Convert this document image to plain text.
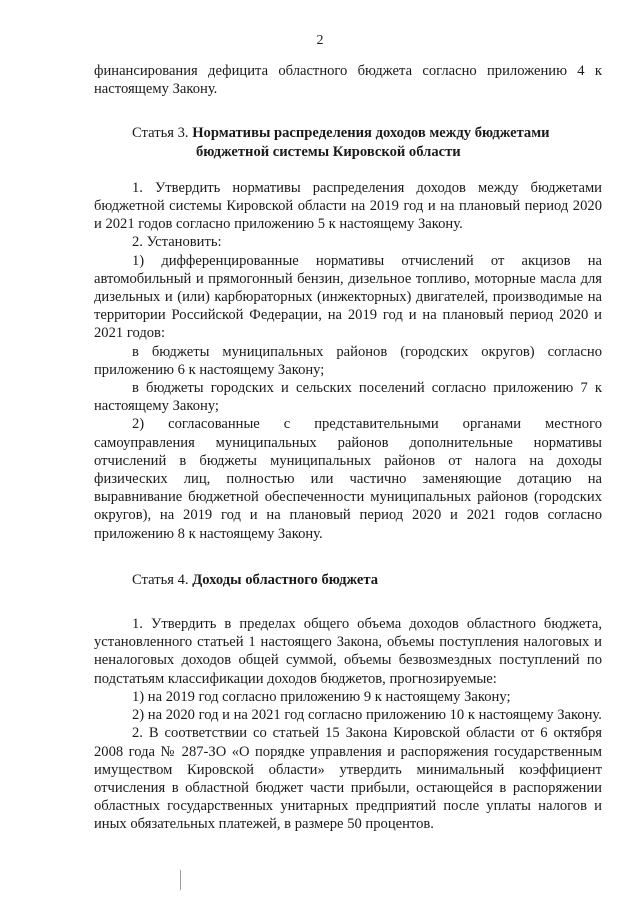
2

финансирования дефицита областного бюджета согласно приложению 4 к настоящему Закону.

Статья 3. Нормативы распределения доходов между бюджетами

бюджетной системы Кировской области

1. Утвердить нормативы распределения доходов между бюджетами бюджетной системы Кировской области на 2019 год и на плановый период 2020 и 2021 годов согласно приложению 5 к настоящему Закону.

2. Установить:

1) дифференцированные нормативы отчислений от акцизов на автомобильный и прямогонный бензин, дизельное топливо, моторные масла для дизельных и (или) карбюраторных (инжекторных) двигателей, производимые на территории Российской Федерации, на 2019 год и на плановый период 2020 и 2021 годов:

в бюджеты муниципальных районов (городских округов) согласно приложению 6 к настоящему Закону;

в бюджеты городских и сельских поселений согласно приложению 7 к настоящему Закону;

2) согласованные с представительными органами местного самоуправления муниципальных районов дополнительные нормативы отчислений в бюджеты муниципальных районов от налога на доходы физических лиц, полностью или частично заменяющие дотацию на выравнивание бюджетной обеспеченности муниципальных районов (городских округов), на 2019 год и на плановый период 2020 и 2021 годов согласно приложению 8 к настоящему Закону.

Статья 4. Доходы областного бюджета

1. Утвердить в пределах общего объема доходов областного бюджета, установленного статьей 1 настоящего Закона, объемы поступления налоговых и неналоговых доходов общей суммой, объемы безвозмездных поступлений по подстатьям классификации доходов бюджетов, прогнозируемые:

1) на 2019 год согласно приложению 9 к настоящему Закону;

2) на 2020 год и на 2021 год согласно приложению 10 к настоящему Закону.

2. В соответствии со статьей 15 Закона Кировской области от 6 октября 2008 года № 287-ЗО «О порядке управления и распоряжения государственным имуществом Кировской области» утвердить минимальный коэффициент отчисления в областной бюджет части прибыли, остающейся в распоряжении областных государственных унитарных предприятий после уплаты налогов и иных обязательных платежей, в размере 50 процентов.
